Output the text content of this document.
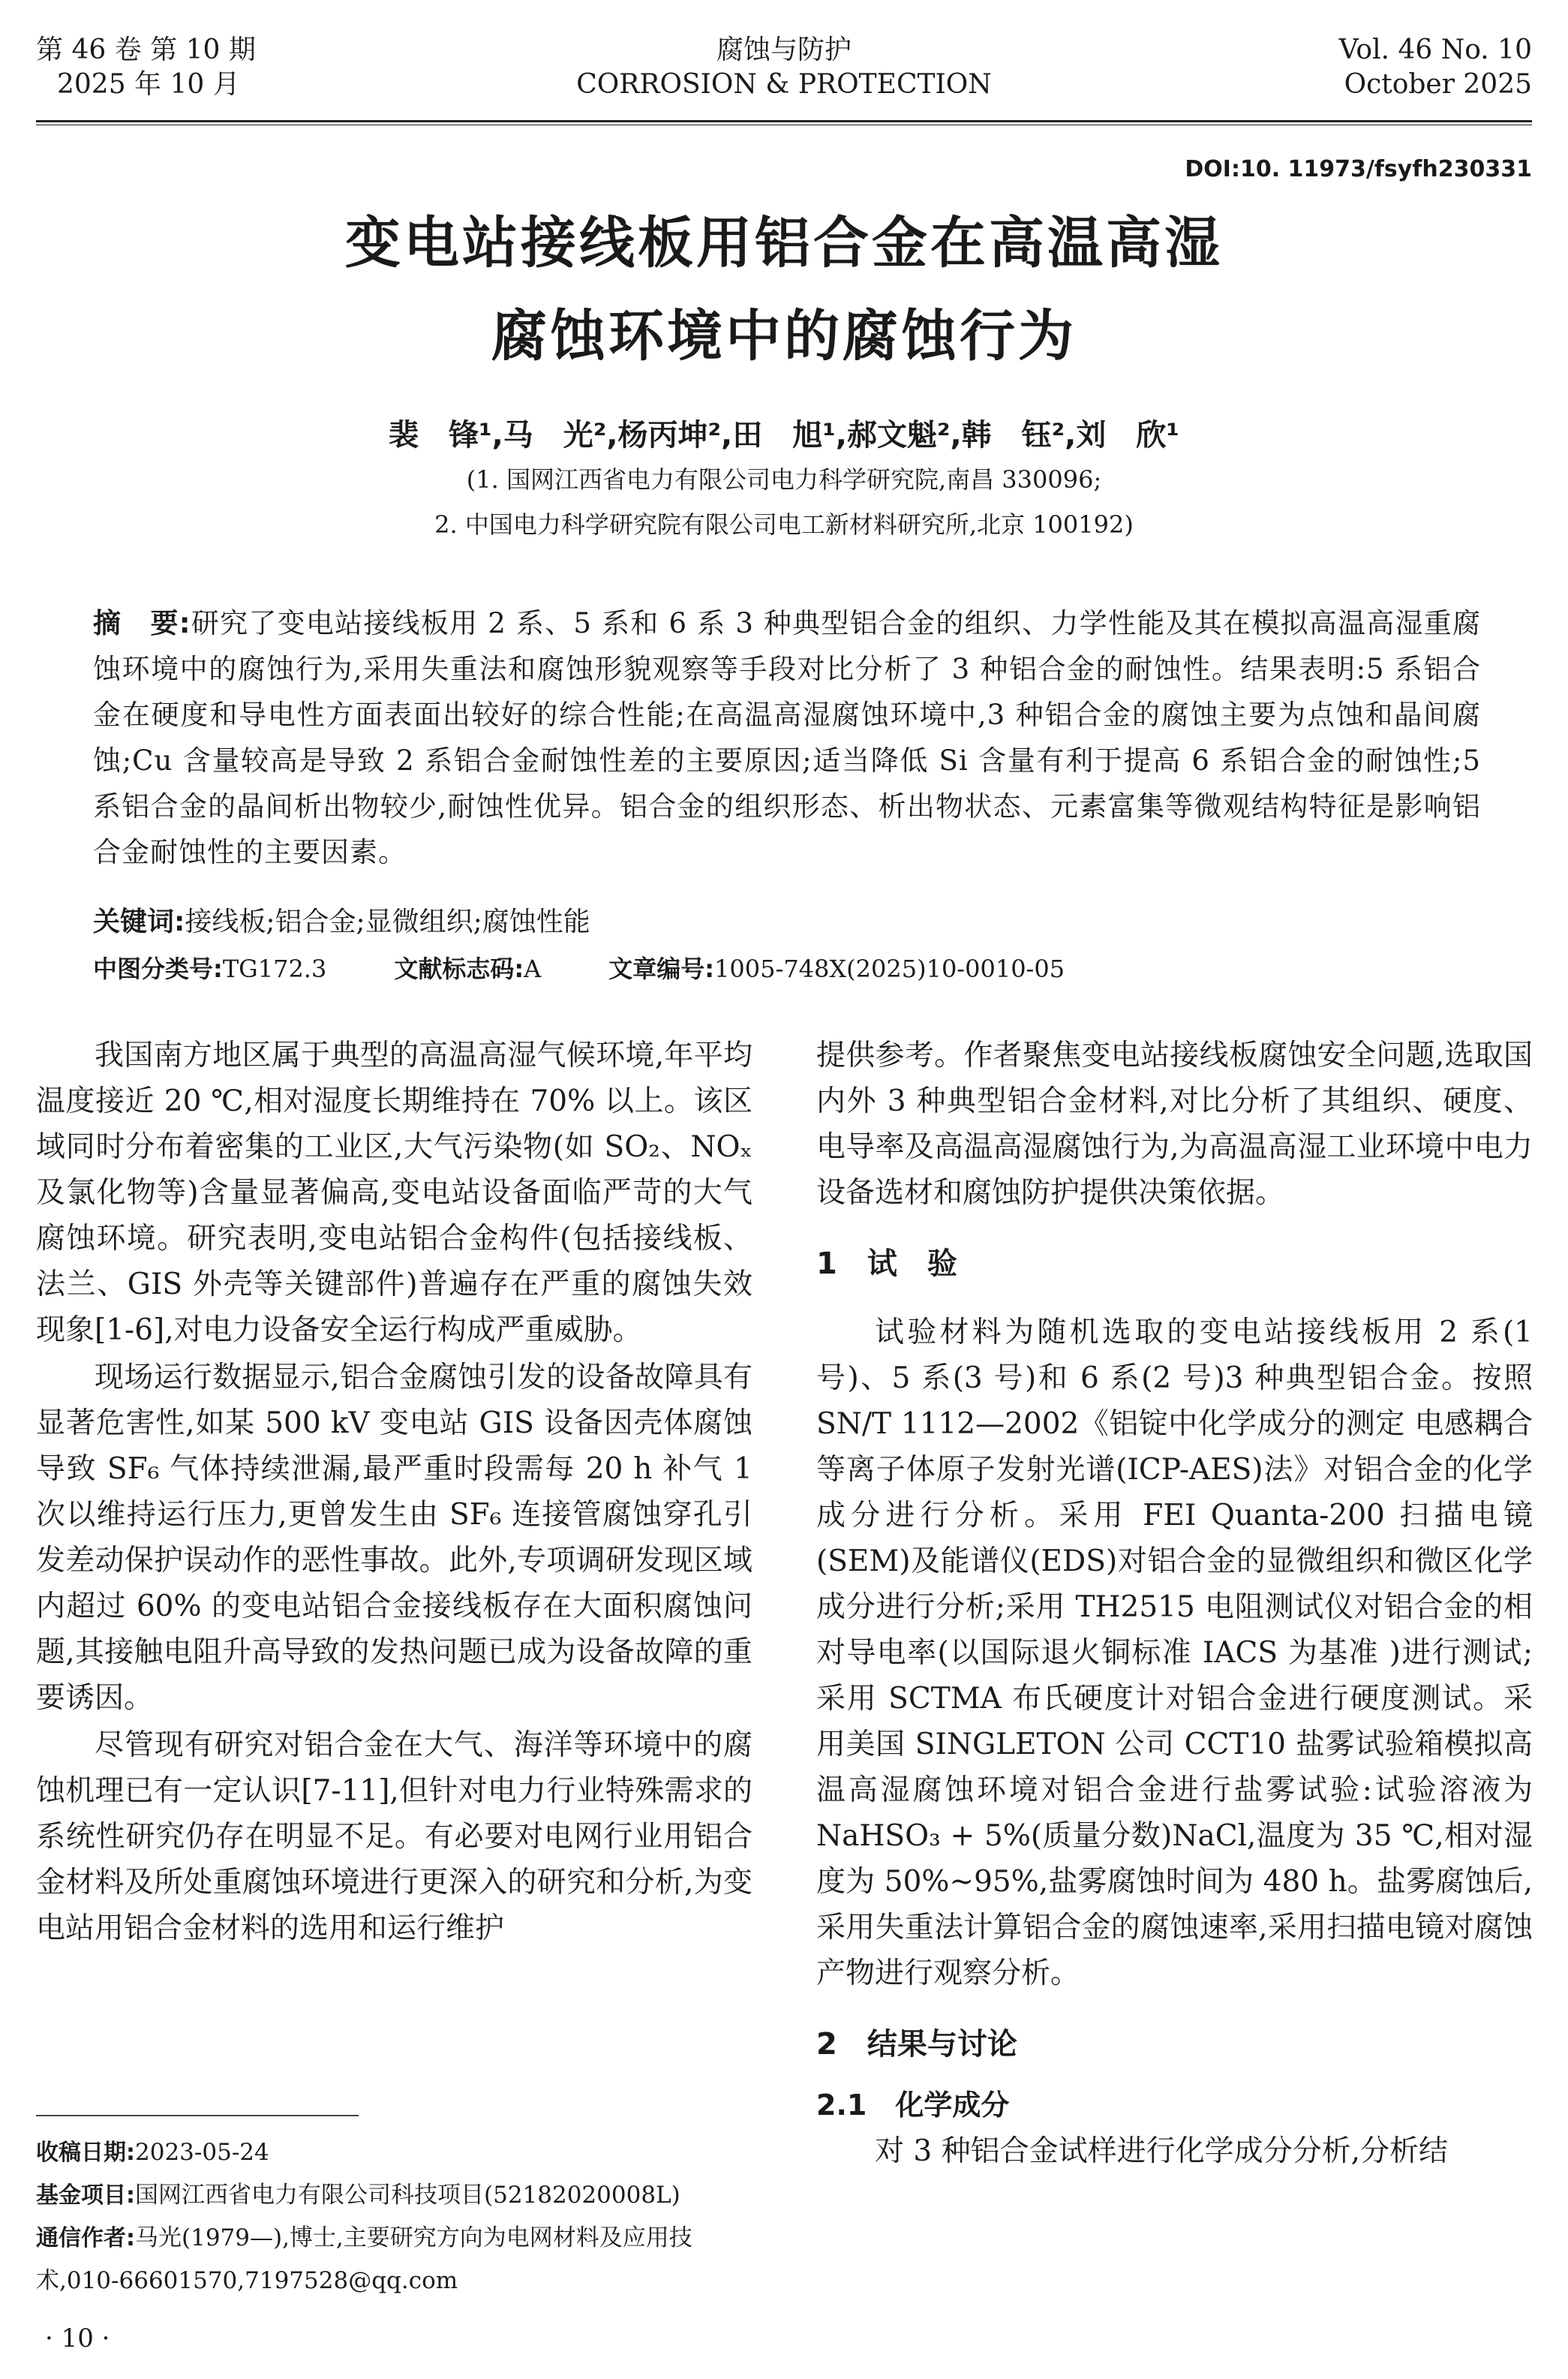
第 46 卷 第 10 期
2025 年 10 月
腐蚀与防护
CORROSION & PROTECTION
Vol. 46 No. 10
October 2025
DOI:10. 11973/fsyfh230331
变电站接线板用铝合金在高温高湿
腐蚀环境中的腐蚀行为
裴　锋¹,马　光²,杨丙坤²,田　旭¹,郝文魁²,韩　钰²,刘　欣¹
(1. 国网江西省电力有限公司电力科学研究院,南昌 330096;
2. 中国电力科学研究院有限公司电工新材料研究所,北京 100192)
摘　要:研究了变电站接线板用 2 系、5 系和 6 系 3 种典型铝合金的组织、力学性能及其在模拟高温高湿重腐蚀环境中的腐蚀行为,采用失重法和腐蚀形貌观察等手段对比分析了 3 种铝合金的耐蚀性。结果表明:5 系铝合金在硬度和导电性方面表面出较好的综合性能;在高温高湿腐蚀环境中,3 种铝合金的腐蚀主要为点蚀和晶间腐蚀;Cu 含量较高是导致 2 系铝合金耐蚀性差的主要原因;适当降低 Si 含量有利于提高 6 系铝合金的耐蚀性;5 系铝合金的晶间析出物较少,耐蚀性优异。铝合金的组织形态、析出物状态、元素富集等微观结构特征是影响铝合金耐蚀性的主要因素。
关键词:接线板;铝合金;显微组织;腐蚀性能
中图分类号:TG172.3	文献标志码:A	文章编号:1005-748X(2025)10-0010-05

我国南方地区属于典型的高温高湿气候环境,年平均温度接近 20 ℃,相对湿度长期维持在 70% 以上。该区域同时分布着密集的工业区,大气污染物(如 SO₂、NOₓ 及氯化物等)含量显著偏高,变电站设备面临严苛的大气腐蚀环境。研究表明,变电站铝合金构件(包括接线板、法兰、GIS 外壳等关键部件)普遍存在严重的腐蚀失效现象[1-6],对电力设备安全运行构成严重威胁。

现场运行数据显示,铝合金腐蚀引发的设备故障具有显著危害性,如某 500 kV 变电站 GIS 设备因壳体腐蚀导致 SF₆ 气体持续泄漏,最严重时段需每 20 h 补气 1 次以维持运行压力,更曾发生由 SF₆ 连接管腐蚀穿孔引发差动保护误动作的恶性事故。此外,专项调研发现区域内超过 60% 的变电站铝合金接线板存在大面积腐蚀问题,其接触电阻升高导致的发热问题已成为设备故障的重要诱因。

尽管现有研究对铝合金在大气、海洋等环境中的腐蚀机理已有一定认识[7-11],但针对电力行业特殊需求的系统性研究仍存在明显不足。有必要对电网行业用铝合金材料及所处重腐蚀环境进行更深入的研究和分析,为变电站用铝合金材料的选用和运行维护

提供参考。作者聚焦变电站接线板腐蚀安全问题,选取国内外 3 种典型铝合金材料,对比分析了其组织、硬度、电导率及高温高湿腐蚀行为,为高温高湿工业环境中电力设备选材和腐蚀防护提供决策依据。

1　试　验

试验材料为随机选取的变电站接线板用 2 系(1 号)、5 系(3 号)和 6 系(2 号)3 种典型铝合金。按照 SN/T 1112—2002《铝锭中化学成分的测定 电感耦合等离子体原子发射光谱(ICP-AES)法》对铝合金的化学成分进行分析。采用 FEI Quanta-200 扫描电镜(SEM)及能谱仪(EDS)对铝合金的显微组织和微区化学成分进行分析;采用 TH2515 电阻测试仪对铝合金的相对导电率(以国际退火铜标准 IACS 为基准 )进行测试;采用 SCTMA 布氏硬度计对铝合金进行硬度测试。采用美国 SINGLETON 公司 CCT10 盐雾试验箱模拟高温高湿腐蚀环境对铝合金进行盐雾试验:试验溶液为 NaHSO₃ + 5%(质量分数)NaCl,温度为 35 ℃,相对湿度为 50%~95%,盐雾腐蚀时间为 480 h。盐雾腐蚀后,采用失重法计算铝合金的腐蚀速率,采用扫描电镜对腐蚀产物进行观察分析。

2　结果与讨论
2.1　化学成分

对 3 种铝合金试样进行化学成分分析,分析结

收稿日期:2023-05-24
基金项目:国网江西省电力有限公司科技项目(52182020008L)
通信作者:马光(1979—),博士,主要研究方向为电网材料及应用技术,010-66601570,7197528@qq.com
· 10 ·
